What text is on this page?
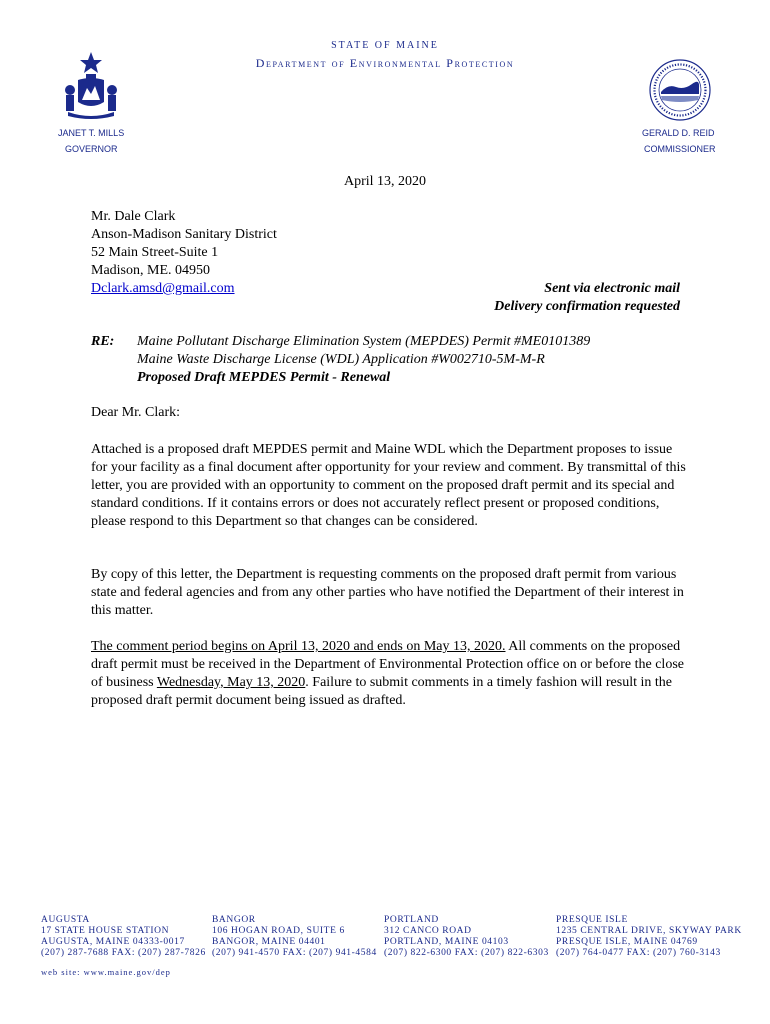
STATE OF MAINE
Department of Environmental Protection
JANET T. MILLS
GOVERNOR
GERALD D. REID
COMMISSIONER
April 13, 2020
Mr. Dale Clark
Anson-Madison Sanitary District
52 Main Street-Suite 1
Madison, ME. 04950
Dclark.amsd@gmail.com	Sent via electronic mail
Delivery confirmation requested
RE: Maine Pollutant Discharge Elimination System (MEPDES) Permit #ME0101389
Maine Waste Discharge License (WDL) Application #W002710-5M-M-R
Proposed Draft MEPDES Permit - Renewal
Dear Mr. Clark:
Attached is a proposed draft MEPDES permit and Maine WDL which the Department proposes to issue for your facility as a final document after opportunity for your review and comment. By transmittal of this letter, you are provided with an opportunity to comment on the proposed draft permit and its special and standard conditions. If it contains errors or does not accurately reflect present or proposed conditions, please respond to this Department so that changes can be considered.
By copy of this letter, the Department is requesting comments on the proposed draft permit from various state and federal agencies and from any other parties who have notified the Department of their interest in this matter.
The comment period begins on April 13, 2020 and ends on May 13, 2020. All comments on the proposed draft permit must be received in the Department of Environmental Protection office on or before the close of business Wednesday, May 13, 2020. Failure to submit comments in a timely fashion will result in the proposed draft permit document being issued as drafted.
AUGUSTA
17 STATE HOUSE STATION
AUGUSTA, MAINE 04333-0017
(207) 287-7688 FAX: (207) 287-7826
BANGOR
106 HOGAN ROAD, SUITE 6
BANGOR, MAINE 04401
(207) 941-4570 FAX: (207) 941-4584
PORTLAND
312 CANCO ROAD
PORTLAND, MAINE 04103
(207) 822-6300 FAX: (207) 822-6303
PRESQUE ISLE
1235 CENTRAL DRIVE, SKYWAY PARK
PRESQUE ISLE, MAINE 04769
(207) 764-0477 FAX: (207) 760-3143
web site: www.maine.gov/dep
